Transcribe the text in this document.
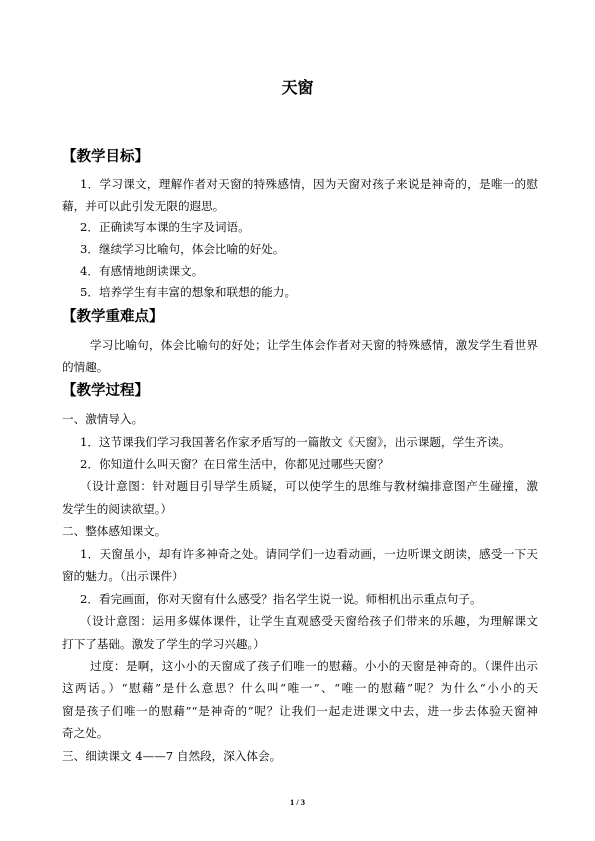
天窗
【教学目标】
1．学习课文，理解作者对天窗的特殊感情，因为天窗对孩子来说是神奇的，是唯一的慰
藉，并可以此引发无限的遐思。
2．正确读写本课的生字及词语。
3．继续学习比喻句，体会比喻的好处。
4．有感情地朗读课文。
5．培养学生有丰富的想象和联想的能力。
【教学重难点】
学习比喻句，体会比喻句的好处；让学生体会作者对天窗的特殊感情，激发学生看世界
的情趣。
【教学过程】
一、激情导入。
1．这节课我们学习我国著名作家矛盾写的一篇散文《天窗》，出示课题，学生齐读。
2．你知道什么叫天窗？在日常生活中，你都见过哪些天窗？
（设计意图：针对题目引导学生质疑，可以使学生的思维与教材编排意图产生碰撞，激
发学生的阅读欲望。）
二、整体感知课文。
1．天窗虽小，却有许多神奇之处。请同学们一边看动画，一边听课文朗读，感受一下天
窗的魅力。（出示课件）
2．看完画面，你对天窗有什么感受？指名学生说一说。师相机出示重点句子。
（设计意图：运用多媒体课件，让学生直观感受天窗给孩子们带来的乐趣，为理解课文
打下了基础。激发了学生的学习兴趣。）
过度：是啊，这小小的天窗成了孩子们唯一的慰藉。小小的天窗是神奇的。（课件出示
这两话。）“慰藉”是什么意思？什么叫“唯一”、“唯一的慰藉”呢？为什么“小小的天
窗是孩子们唯一的慰藉”“是神奇的”呢？让我们一起走进课文中去，进一步去体验天窗神
奇之处。
三、细读课文 4——7 自然段，深入体会。
1 / 3
